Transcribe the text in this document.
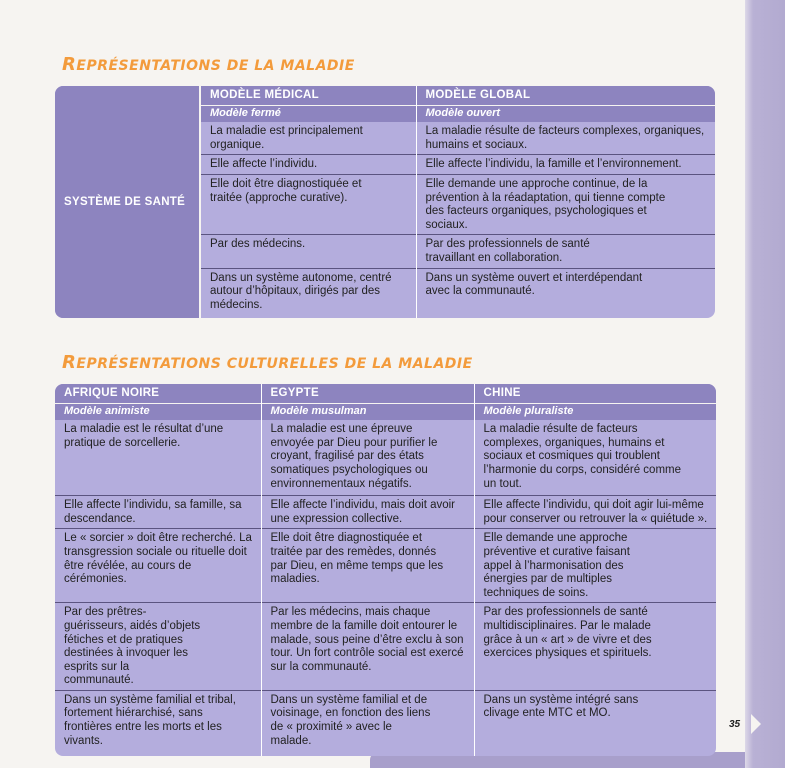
REPRÉSENTATIONS DE LA MALADIE
SYSTÈME DE SANTÉ	MODÈLE MÉDICAL	MODÈLE GLOBAL
	Modèle fermé	Modèle ouvert
	La maladie est principalement organique.	La maladie résulte de facteurs complexes, organiques, humains et sociaux.
	Elle affecte l’individu.	Elle affecte l’individu, la famille et l’environnement.
	Elle doit être diagnostiquée et traitée (approche curative).	Elle demande une approche continue, de la prévention à la réadaptation, qui tienne compte des facteurs organiques, psychologiques et sociaux.
	Par des médecins.	Par des professionnels de santé travaillant en collaboration.
	Dans un système autonome, centré autour d’hôpitaux, dirigés par des médecins.	Dans un système ouvert et interdépendant avec la communauté.
REPRÉSENTATIONS CULTURELLES DE LA MALADIE
AFRIQUE NOIRE	EGYPTE	CHINE
Modèle animiste	Modèle musulman	Modèle pluraliste
La maladie est le résultat d’une pratique de sorcellerie.	La maladie est une épreuve envoyée par Dieu pour purifier le croyant, fragilisé par des états somatiques psychologiques ou environnementaux négatifs.	La maladie résulte de facteurs complexes, organiques, humains et sociaux et cosmiques qui troublent l’harmonie du corps, considéré comme un tout.
Elle affecte l’individu, sa famille, sa descendance.	Elle affecte l’individu, mais doit avoir une expression collective.	Elle affecte l’individu, qui doit agir lui-même pour conserver ou retrouver la « quiétude ».
Le « sorcier » doit être recherché. La transgression sociale ou rituelle doit être révélée, au cours de cérémonies.	Elle doit être diagnostiquée et traitée par des remèdes, donnés par Dieu, en même temps que les maladies.	Elle demande une approche préventive et curative faisant appel à l’harmonisation des énergies par de multiples techniques de soins.
Par des prêtres-guérisseurs, aidés d’objets fétiches et de pratiques destinées à invoquer les esprits sur la communauté.	Par les médecins, mais chaque membre de la famille doit entourer le malade, sous peine d’être exclu à son tour. Un fort contrôle social est exercé sur la communauté.	Par des professionnels de santé multidisciplinaires. Par le malade grâce à un « art » de vivre et des exercices physiques et spirituels.
Dans un système familial et tribal, fortement hiérarchisé, sans frontières entre les morts et les vivants.	Dans un système familial et de voisinage, en fonction des liens de « proximité » avec le malade.	Dans un système intégré sans clivage ente MTC et MO.
35
